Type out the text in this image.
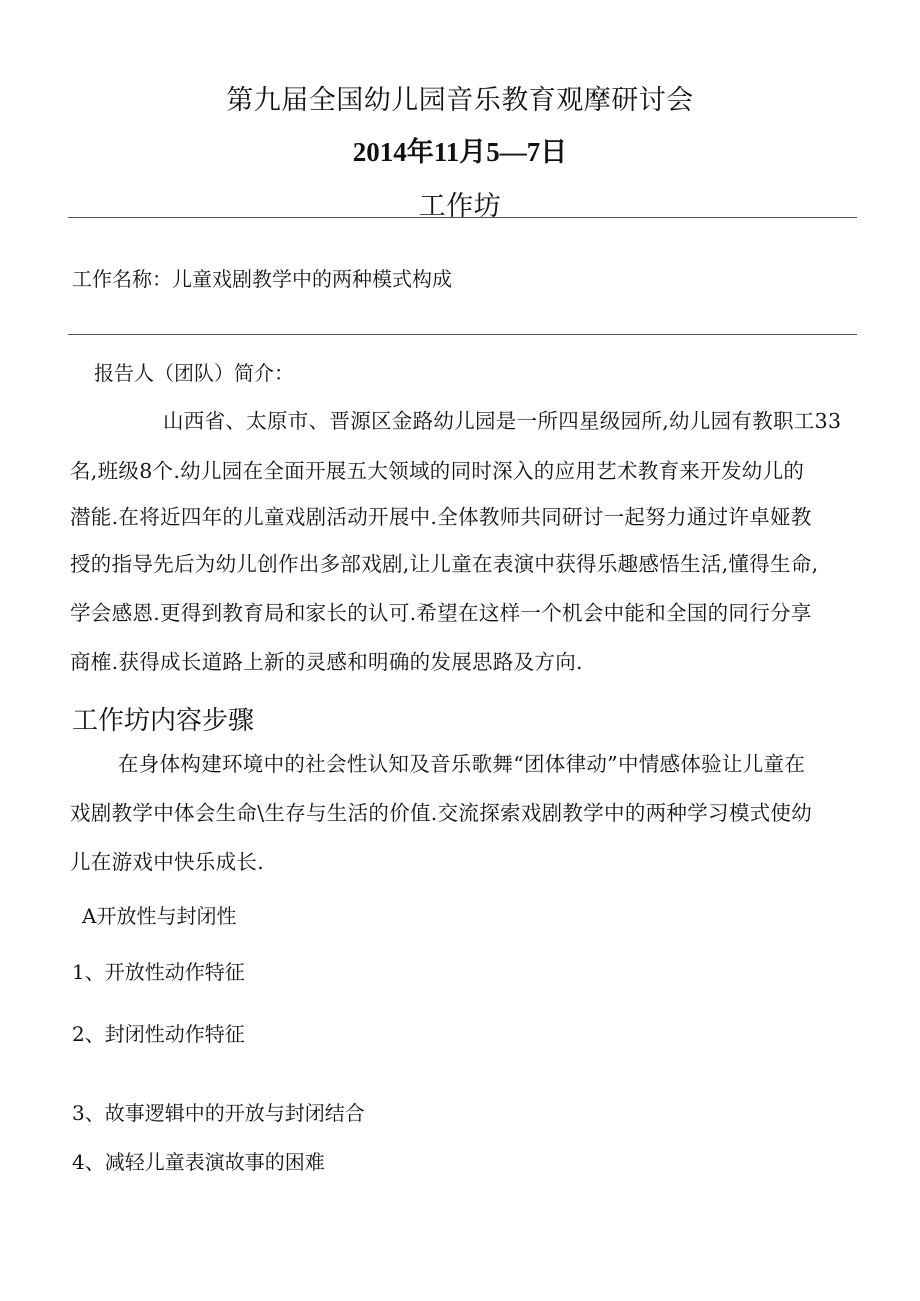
第九届全国幼儿园音乐教育观摩研讨会
2014年11月5—7日
工作坊
工作名称：儿童戏剧教学中的两种模式构成
报告人（团队）简介：
山西省、太原市、晋源区金路幼儿园是一所四星级园所,幼儿园有教职工33
名,班级8个.幼儿园在全面开展五大领域的同时深入的应用艺术教育来开发幼儿的
潜能.在将近四年的儿童戏剧活动开展中.全体教师共同研讨一起努力通过许卓娅教
授的指导先后为幼儿创作出多部戏剧,让儿童在表演中获得乐趣感悟生活,懂得生命,
学会感恩.更得到教育局和家长的认可.希望在这样一个机会中能和全国的同行分享
商榷.获得成长道路上新的灵感和明确的发展思路及方向.
工作坊内容步骤
在身体构建环境中的社会性认知及音乐歌舞“团体律动”中情感体验让儿童在
戏剧教学中体会生命\生存与生活的价值.交流探索戏剧教学中的两种学习模式使幼
儿在游戏中快乐成长.
A开放性与封闭性
1、开放性动作特征
2、封闭性动作特征
3、故事逻辑中的开放与封闭结合
4、减轻儿童表演故事的困难
